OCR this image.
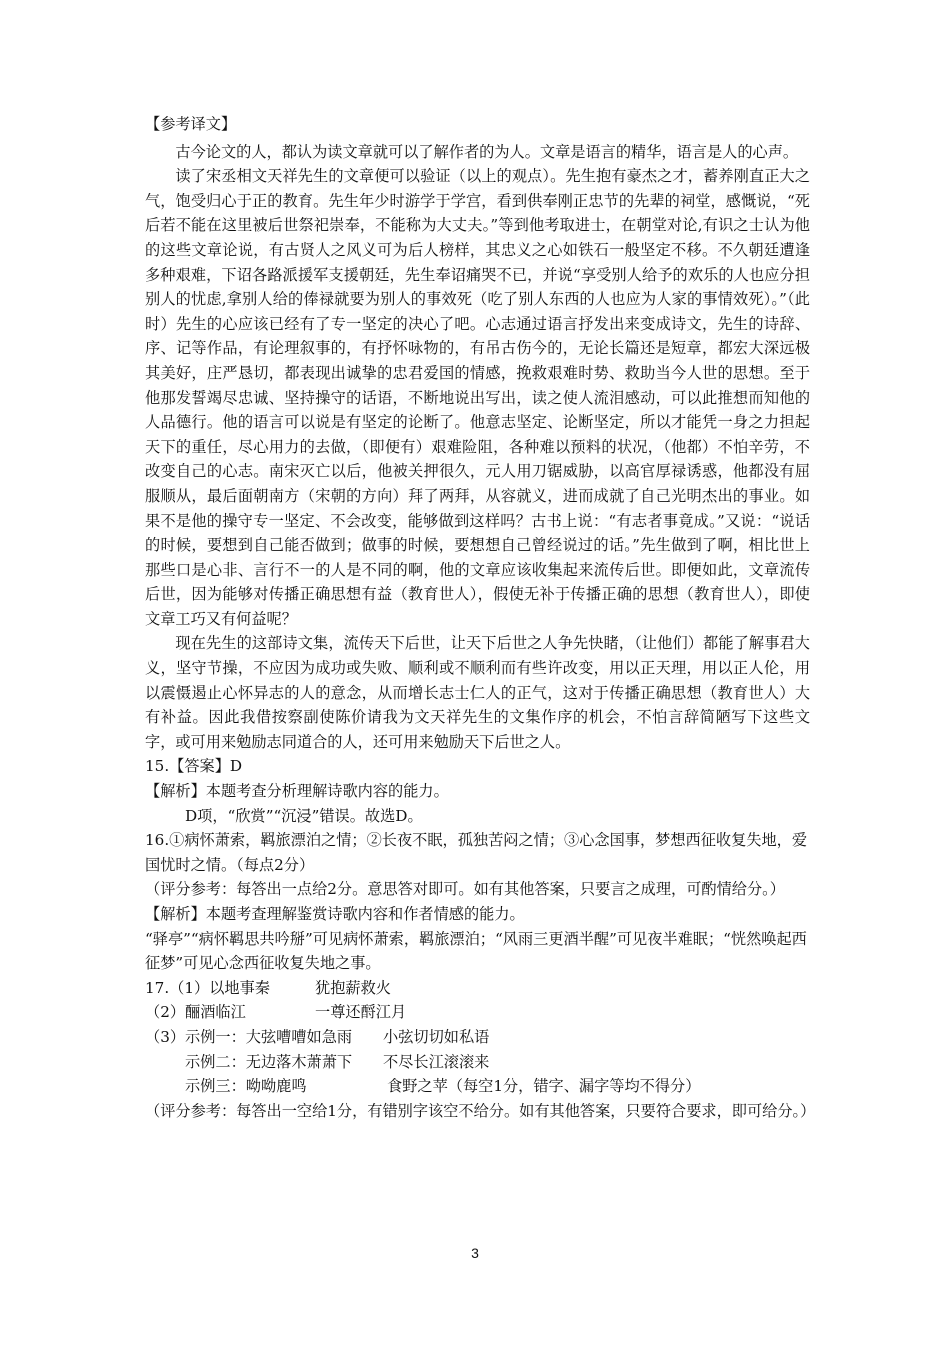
【参考译文】

古今论文的人，都认为读文章就可以了解作者的为人。文章是语言的精华，语言是人的心声。

读了宋丞相文天祥先生的文章便可以验证（以上的观点）。先生抱有豪杰之才，蓄养刚直正大之气，饱受归心于正的教育。先生年少时游学于学宫，看到供奉刚正忠节的先辈的祠堂，感慨说，“死后若不能在这里被后世祭祀崇奉，不能称为大丈夫。”等到他考取进士，在朝堂对论,有识之士认为他的这些文章论说，有古贤人之风义可为后人榜样，其忠义之心如铁石一般坚定不移。不久朝廷遭逢多种艰难，下诏各路派援军支援朝廷，先生奉诏痛哭不已，并说“享受别人给予的欢乐的人也应分担别人的忧虑,拿别人给的俸禄就要为别人的事效死（吃了别人东西的人也应为人家的事情效死）。”（此时）先生的心应该已经有了专一坚定的决心了吧。心志通过语言抒发出来变成诗文，先生的诗辞、序、记等作品，有论理叙事的，有抒怀咏物的，有吊古伤今的，无论长篇还是短章，都宏大深远极其美好，庄严恳切，都表现出诚挚的忠君爱国的情感，挽救艰难时势、救助当今人世的思想。至于他那发誓竭尽忠诚、坚持操守的话语，不断地说出写出，读之使人流泪感动，可以此推想而知他的人品德行。他的语言可以说是有坚定的论断了。他意志坚定、论断坚定，所以才能凭一身之力担起天下的重任，尽心用力的去做，（即便有）艰难险阻，各种难以预料的状况，（他都）不怕辛劳，不改变自己的心志。南宋灭亡以后，他被关押很久，元人用刀锯威胁，以高官厚禄诱惑，他都没有屈服顺从，最后面朝南方（宋朝的方向）拜了两拜，从容就义，进而成就了自己光明杰出的事业。如果不是他的操守专一坚定、不会改变，能够做到这样吗？古书上说：“有志者事竟成。”又说：“说话的时候，要想到自己能否做到；做事的时候，要想想自己曾经说过的话。”先生做到了啊，相比世上那些口是心非、言行不一的人是不同的啊，他的文章应该收集起来流传后世。即便如此，文章流传后世，因为能够对传播正确思想有益（教育世人），假使无补于传播正确的思想（教育世人），即使文章工巧又有何益呢？

现在先生的这部诗文集，流传天下后世，让天下后世之人争先快睹，（让他们）都能了解事君大义，坚守节操，不应因为成功或失败、顺利或不顺利而有些许改变，用以正天理，用以正人伦，用以震慑遏止心怀异志的人的意念，从而增长志士仁人的正气，这对于传播正确思想（教育世人）大有补益。因此我借按察副使陈价请我为文天祥先生的文集作序的机会，不怕言辞简陋写下这些文字，或可用来勉励志同道合的人，还可用来勉励天下后世之人。

15.【答案】D

【解析】本题考查分析理解诗歌内容的能力。

D项，“欣赏”“沉浸”错误。故选D。

16.①病怀萧索，羁旅漂泊之情；②长夜不眠，孤独苦闷之情；③心念国事，梦想西征收复失地，爱国忧时之情。（每点2分）

（评分参考：每答出一点给2分。意思答对即可。如有其他答案，只要言之成理，可酌情给分。）

【解析】本题考查理解鉴赏诗歌内容和作者情感的能力。

“驿亭”“病怀羁思共吟掰”可见病怀萧索，羁旅漂泊；“风雨三更酒半醒”可见夜半难眠；“恍然唤起西征梦”可见心念西征收复失地之事。

17.（1）以地事秦	犹抱薪救火
（2）酾酒临江	一尊还酹江月
（3）示例一：大弦嘈嘈如急雨	小弦切切如私语
示例二：无边落木萧萧下	不尽长江滚滚来
示例三：呦呦鹿鸣	食野之苹（每空1分，错字、漏字等均不得分）

（评分参考：每答出一空给1分，有错别字该空不给分。如有其他答案，只要符合要求，即可给分。）

3
